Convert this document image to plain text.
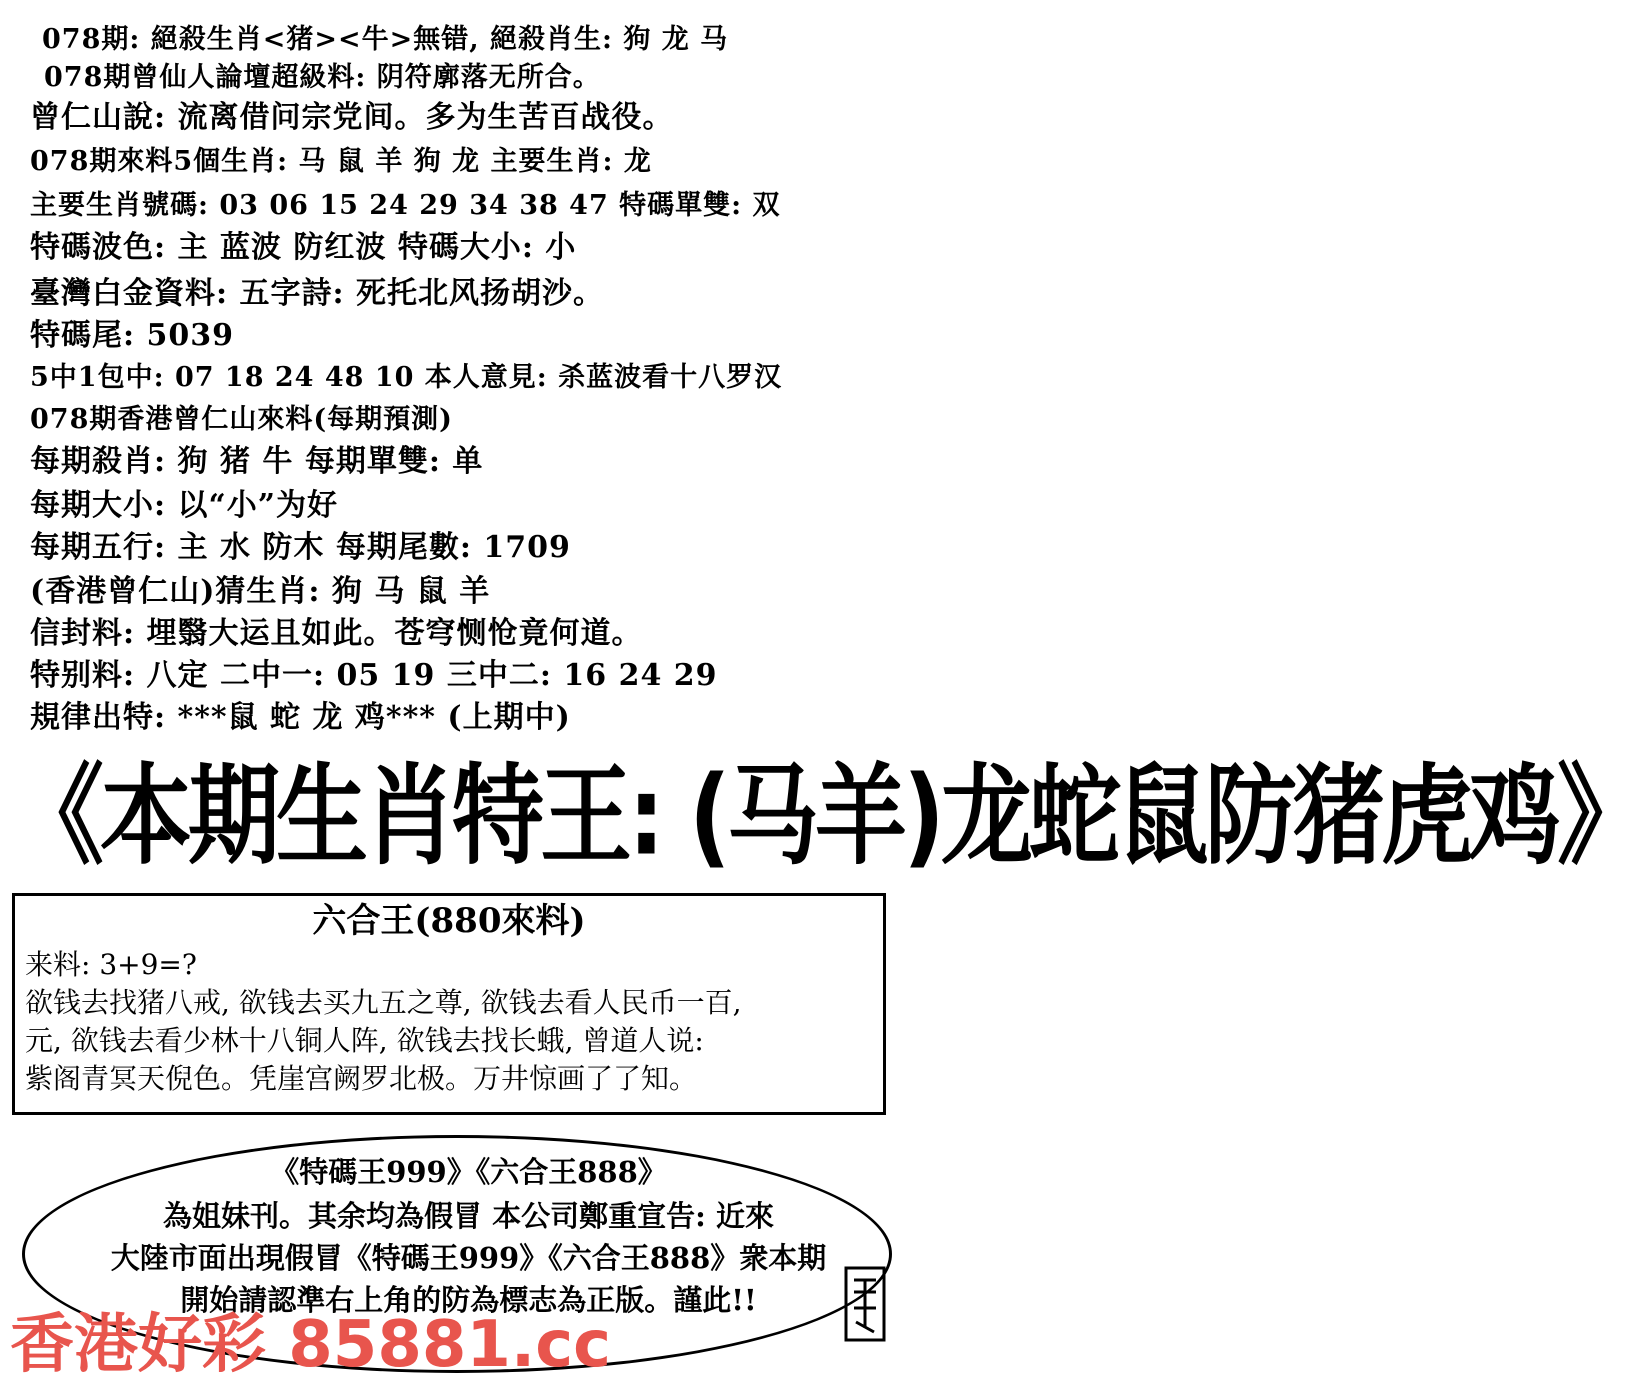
078期: 絕殺生肖<猪><牛>無错, 絕殺肖生: 狗 龙 马
078期曾仙人論壇超級料: 阴符廓落无所合。
曾仁山說: 流离借问宗党间。多为生苦百战役。
078期來料5個生肖: 马 鼠 羊 狗 龙 主要生肖: 龙
主要生肖號碼: 03 06 15 24 29 34 38 47 特碼單雙: 双
特碼波色: 主 蓝波 防红波 特碼大小: 小
臺灣白金資料: 五字詩: 死托北风扬胡沙。
特碼尾: 5039
5中1包中: 07 18 24 48 10 本人意見: 杀蓝波看十八罗汉
078期香港曾仁山來料(每期預測)
每期殺肖: 狗 猪 牛 每期單雙: 单
每期大小: 以“小”为好
每期五行: 主 水 防木 每期尾數: 1709
(香港曾仁山)猜生肖: 狗 马 鼠 羊
信封料: 埋翳大运且如此。苍穹恻怆竟何道。
特别料: 八定 二中一: 05 19 三中二: 16 24 29
規律出特: ***鼠 蛇 龙 鸡*** (上期中)
《本期生肖特王: (马羊)龙蛇鼠防猪虎鸡》
六合王(880來料)
来料: 3+9=?
欲钱去找猪八戒, 欲钱去买九五之尊, 欲钱去看人民币一百,
元, 欲钱去看少林十八铜人阵, 欲钱去找长蛾, 曾道人说:
紫阁青冥天倪色。凭崖宫阙罗北极。万井惊画了了知。
《特碼王999》《六合王888》
為姐妹刊。其余均為假冒 本公司鄭重宣告: 近來
大陸市面出現假冒《特碼王999》《六合王888》衆本期
開始請認準右上角的防為標志為正版。謹此!!
香港好彩 85881.cc
